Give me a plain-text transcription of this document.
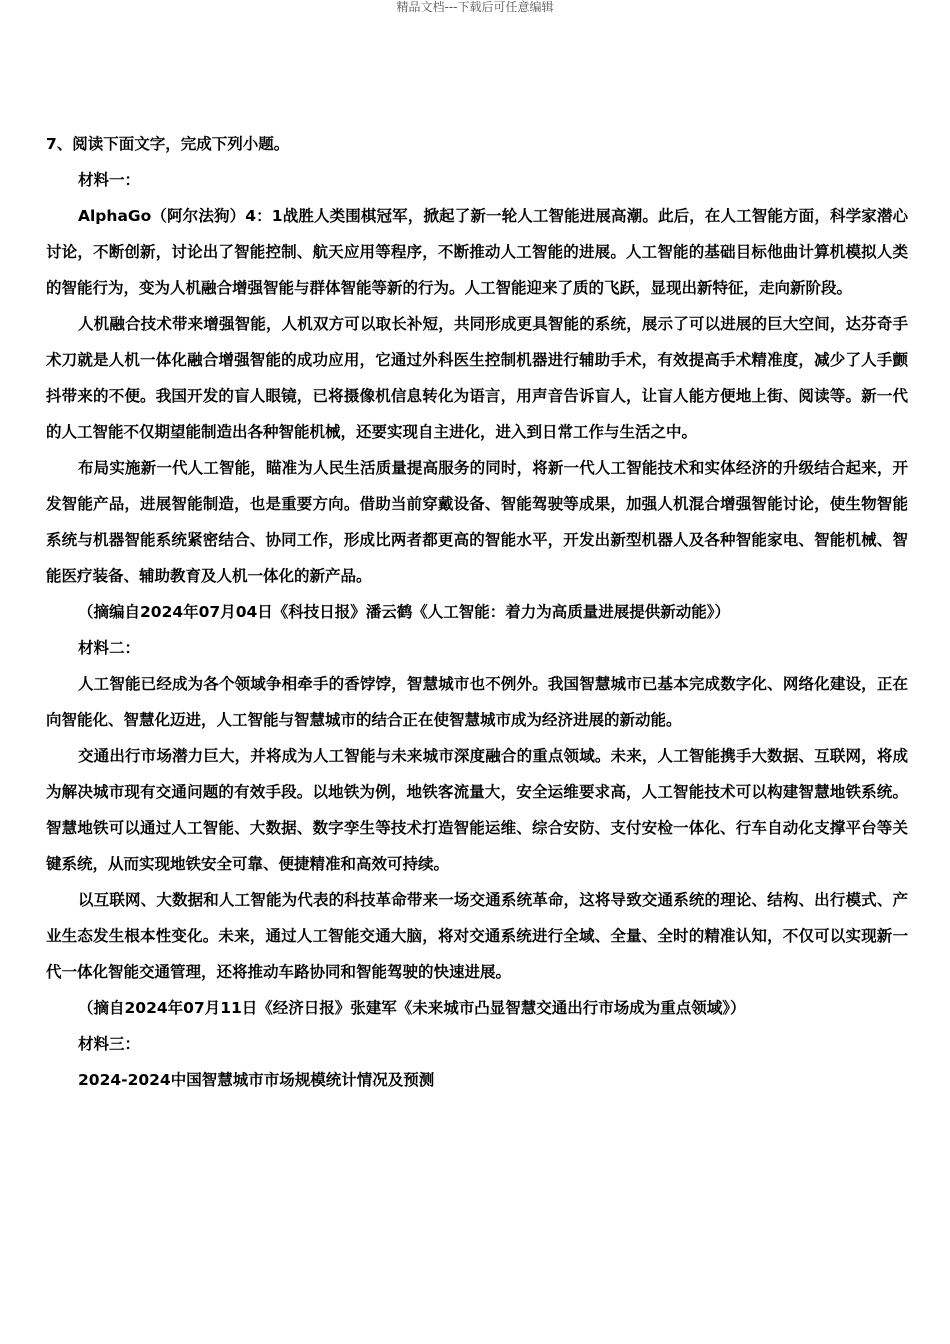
精品文档---下载后可任意编辑

7、阅读下面文字，完成下列小题。

材料一：

AlphaGo（阿尔法狗）4：1战胜人类围棋冠军，掀起了新一轮人工智能进展高潮。此后，在人工智能方面，科学家潜心讨论，不断创新，讨论出了智能控制、航天应用等程序，不断推动人工智能的进展。人工智能的基础目标他曲计算机模拟人类的智能行为，变为人机融合增强智能与群体智能等新的行为。人工智能迎来了质的飞跃，显现出新特征，走向新阶段。

人机融合技术带来增强智能，人机双方可以取长补短，共同形成更具智能的系统，展示了可以进展的巨大空间，达芬奇手术刀就是人机一体化融合增强智能的成功应用，它通过外科医生控制机器进行辅助手术，有效提高手术精准度，减少了人手颤抖带来的不便。我国开发的盲人眼镜，已将摄像机信息转化为语言，用声音告诉盲人，让盲人能方便地上街、阅读等。新一代的人工智能不仅期望能制造出各种智能机械，还要实现自主进化，进入到日常工作与生活之中。

布局实施新一代人工智能，瞄准为人民生活质量提高服务的同时，将新一代人工智能技术和实体经济的升级结合起来，开发智能产品，进展智能制造，也是重要方向。借助当前穿戴设备、智能驾驶等成果，加强人机混合增强智能讨论，使生物智能系统与机器智能系统紧密结合、协同工作，形成比两者都更高的智能水平，开发出新型机器人及各种智能家电、智能机械、智能医疗装备、辅助教育及人机一体化的新产品。

（摘编自2024年07月04日《科技日报》潘云鹤《人工智能：着力为高质量进展提供新动能》）

材料二：

人工智能已经成为各个领域争相牵手的香饽饽，智慧城市也不例外。我国智慧城市已基本完成数字化、网络化建设，正在向智能化、智慧化迈进，人工智能与智慧城市的结合正在使智慧城市成为经济进展的新动能。

交通出行市场潜力巨大，并将成为人工智能与未来城市深度融合的重点领域。未来，人工智能携手大数据、互联网，将成为解决城市现有交通问题的有效手段。以地铁为例，地铁客流量大，安全运维要求高，人工智能技术可以构建智慧地铁系统。智慧地铁可以通过人工智能、大数据、数字孪生等技术打造智能运维、综合安防、支付安检一体化、行车自动化支撑平台等关键系统，从而实现地铁安全可靠、便捷精准和高效可持续。

以互联网、大数据和人工智能为代表的科技革命带来一场交通系统革命，这将导致交通系统的理论、结构、出行模式、产业生态发生根本性变化。未来，通过人工智能交通大脑，将对交通系统进行全域、全量、全时的精准认知，不仅可以实现新一代一体化智能交通管理，还将推动车路协同和智能驾驶的快速进展。

（摘自2024年07月11日《经济日报》张建军《未来城市凸显智慧交通出行市场成为重点领域》）

材料三：

2024-2024中国智慧城市市场规模统计情况及预测
